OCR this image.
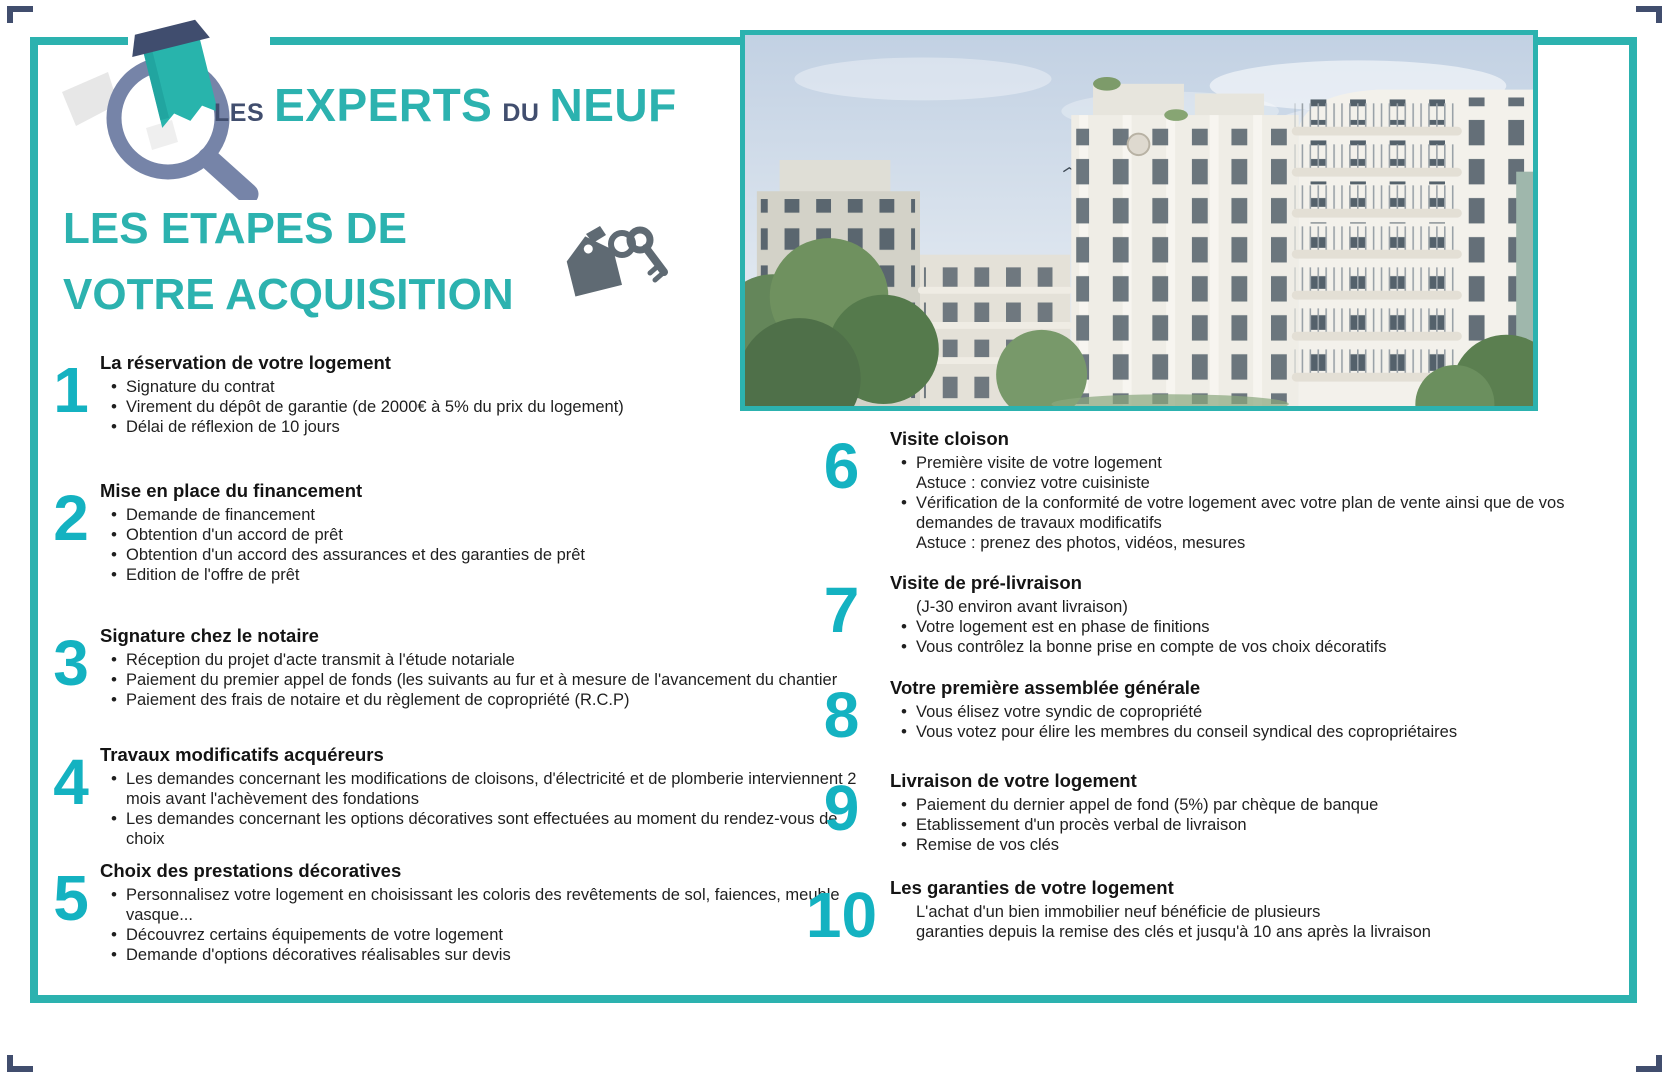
LES EXPERTS DU NEUF
LES ETAPES DE
VOTRE ACQUISITION
1 La réservation de votre logement
• Signature du contrat
• Virement du dépôt de garantie (de 2000€ à 5% du prix du logement)
• Délai de réflexion de 10 jours
2 Mise en place du financement
• Demande de financement
• Obtention d'un accord de prêt
• Obtention d'un accord des assurances et des garanties de prêt
• Edition de l'offre de prêt
3 Signature chez le notaire
• Réception du projet d'acte transmit à l'étude notariale
• Paiement du premier appel de fonds (les suivants au fur et à mesure de l'avancement du chantier
• Paiement des frais de notaire et du règlement de copropriété (R.C.P)
4 Travaux modificatifs acquéreurs
• Les demandes concernant les modifications de cloisons, d'électricité et de plomberie interviennent 2
mois avant l'achèvement des fondations
• Les demandes concernant les options décoratives sont effectuées au moment du rendez-vous de choix
5 Choix des prestations décoratives
• Personnalisez votre logement en choisissant les coloris des revêtements de sol, faiences, meuble
vasque...
• Découvrez certains équipements de votre logement
• Demande d'options décoratives réalisables sur devis
6	Visite cloison
• Première visite de votre logement
Astuce : conviez votre cuisiniste
• Vérification de la conformité de votre logement avec votre plan de vente ainsi que de vos
demandes de travaux modificatifs
Astuce : prenez des photos, vidéos, mesures
7	Visite de pré-livraison
(J-30 environ avant livraison)
• Votre logement est en phase de finitions
• Vous contrôlez la bonne prise en compte de vos choix décoratifs
8	Votre première assemblée générale
• Vous élisez votre syndic de copropriété
• Vous votez pour élire les membres du conseil syndical des copropriétaires
9	Livraison de votre logement
• Paiement du dernier appel de fond (5%) par chèque de banque
• Etablissement d'un procès verbal de livraison
• Remise de vos clés
10 Les garanties de votre logement
L'achat d'un bien immobilier neuf bénéficie de plusieurs
garanties depuis la remise des clés et jusqu'à 10 ans après la livraison
